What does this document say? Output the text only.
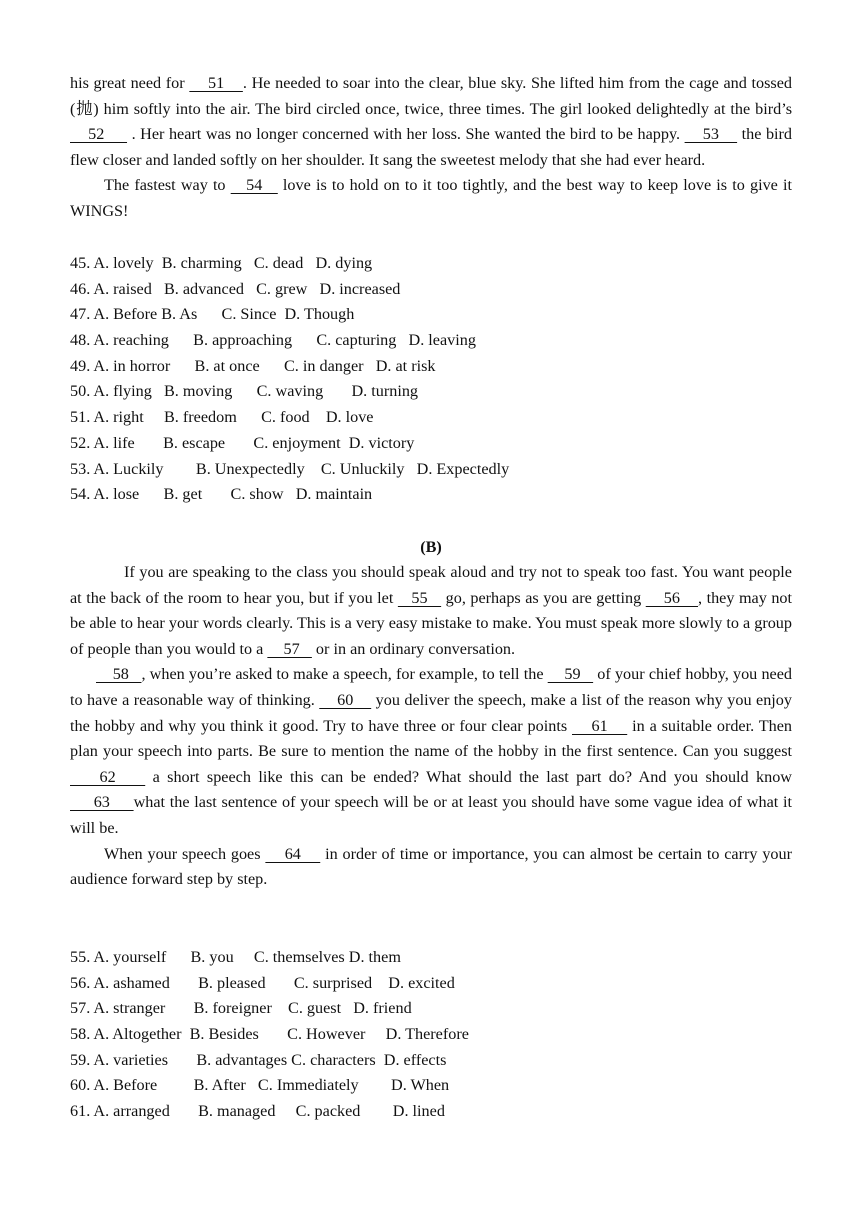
his great need for     51    . He needed to soar into the clear, blue sky. She lifted him from the cage and tossed (抛) him softly into the air. The bird circled once, twice, three times. The girl looked delightedly at the bird’s     52      . Her heart was no longer concerned with her loss. She wanted the bird to be happy.     53     the bird flew closer and landed softly on her shoulder. It sang the sweetest melody that she had ever heard.

The fastest way to    54    love is to hold on to it too tightly, and the best way to keep love is to give it WINGS!

45. A. lovely  B. charming   C. dead   D. dying
46. A. raised   B. advanced   C. grew   D. increased
47. A. Before B. As      C. Since  D. Though
48. A. reaching      B. approaching      C. capturing   D. leaving
49. A. in horror      B. at once      C. in danger   D. at risk
50. A. flying   B. moving      C. waving       D. turning
51. A. right     B. freedom      C. food    D. love
52. A. life       B. escape       C. enjoyment  D. victory
53. A. Luckily        B. Unexpectedly    C. Unluckily   D. Expectedly
54. A. lose      B. get       C. show   D. maintain
(B)

If you are speaking to the class you should speak aloud and try not to speak too fast. You want people at the back of the room to hear you, but if you let    55    go, perhaps as you are getting     56    , they may not be able to hear your words clearly. This is a very easy mistake to make. You must speak more slowly to a group of people than you would to a     57    or in an ordinary conversation.

58   , when you’re asked to make a speech, for example, to tell the     59    of your chief hobby, you need to have a reasonable way of thinking.     60     you deliver the speech, make a list of the reason why you enjoy the hobby and why you think it good. Try to have three or four clear points     61     in a suitable order. Then plan your speech into parts. Be sure to mention the name of the hobby in the first sentence. Can you suggest     62     a short speech like this can be ended? What should the last part do? And you should know      63     what the last sentence of your speech will be or at least you should have some vague idea of what it will be.

When your speech goes     64     in order of time or importance, you can almost be certain to carry your audience forward step by step.

55. A. yourself      B. you     C. themselves D. them
56. A. ashamed       B. pleased       C. surprised    D. excited
57. A. stranger       B. foreigner    C. guest   D. friend
58. A. Altogether  B. Besides       C. However     D. Therefore
59. A. varieties       B. advantages C. characters  D. effects
60. A. Before         B. After   C. Immediately        D. When
61. A. arranged       B. managed     C. packed        D. lined
